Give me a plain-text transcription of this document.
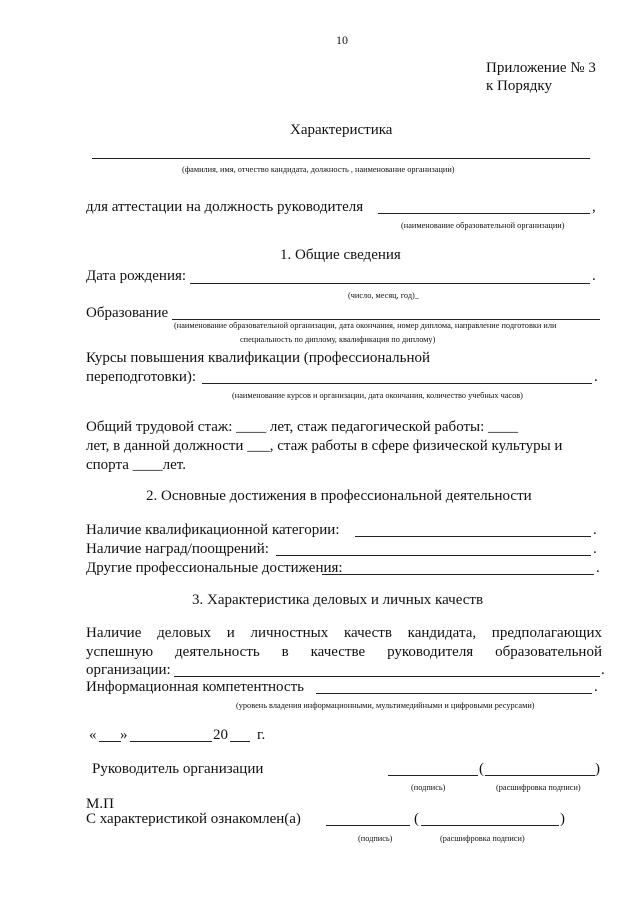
10
Приложение № 3
к Порядку
Характеристика
(фамилия, имя, отчество кандидата, должность , наименование организации)
для аттестации на должность руководителя	,
(наименование образовательной организации)
1. Общие сведения
Дата рождения:	.
(число, месяц, год)_
Образование
(наименование образовательной организации, дата окончания, номер диплома, направление подготовки или
специальность по диплому, квалификация по диплому)
Курсы повышения квалификации (профессиональной
переподготовки):	.
(наименование курсов и организации, дата окончания, количество учебных часов)
Общий трудовой стаж: ____ лет, стаж педагогической работы: ____
лет, в данной должности ___, стаж работы в сфере физической культуры и
спорта ____лет.
2. Основные достижения в профессиональной деятельности
Наличие квалификационной категории:	.
Наличие наград/поощрений:	.
Другие профессиональные достижения:	.
3. Характеристика деловых и личных качеств
Наличие деловых и личностных качеств кандидата, предполагающих
успешную деятельность в качестве руководителя образовательной
организации:	.
Информационная компетентность	.
(уровень владения информационными, мультимедийными и цифровыми ресурсами)
« »	20 г.
Руководитель организации	(	)
(подпись)	(расшифровка подписи)
М.П
С характеристикой ознакомлен(а)	(	)
(подпись)	(расшифровка подписи)
